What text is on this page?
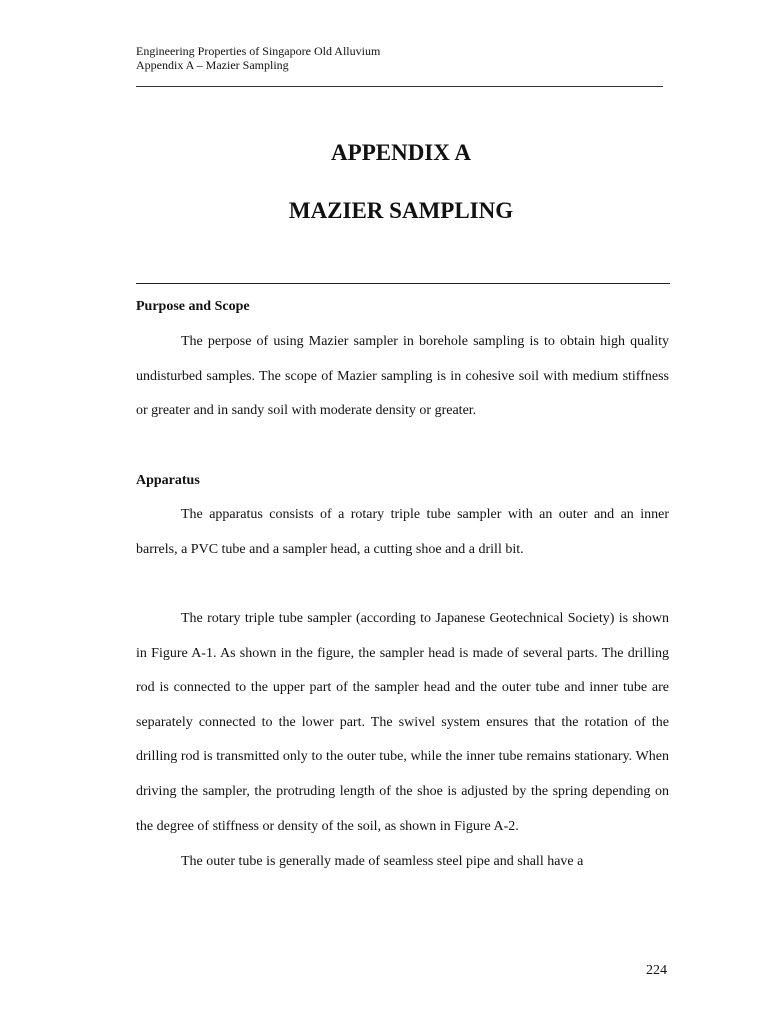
Engineering Properties of Singapore Old Alluvium
Appendix A – Mazier Sampling
APPENDIX A
MAZIER SAMPLING
Purpose and Scope

The perpose of using Mazier sampler in borehole sampling is to obtain high quality undisturbed samples. The scope of Mazier sampling is in cohesive soil with medium stiffness or greater and in sandy soil with moderate density or greater.

Apparatus

The apparatus consists of a rotary triple tube sampler with an outer and an inner barrels, a PVC tube and a sampler head, a cutting shoe and a drill bit.

The rotary triple tube sampler (according to Japanese Geotechnical Society) is shown in Figure A-1. As shown in the figure, the sampler head is made of several parts. The drilling rod is connected to the upper part of the sampler head and the outer tube and inner tube are separately connected to the lower part. The swivel system ensures that the rotation of the drilling rod is transmitted only to the outer tube, while the inner tube remains stationary. When driving the sampler, the protruding length of the shoe is adjusted by the spring depending on the degree of stiffness or density of the soil, as shown in Figure A-2.

The outer tube is generally made of seamless steel pipe and shall have a

224
